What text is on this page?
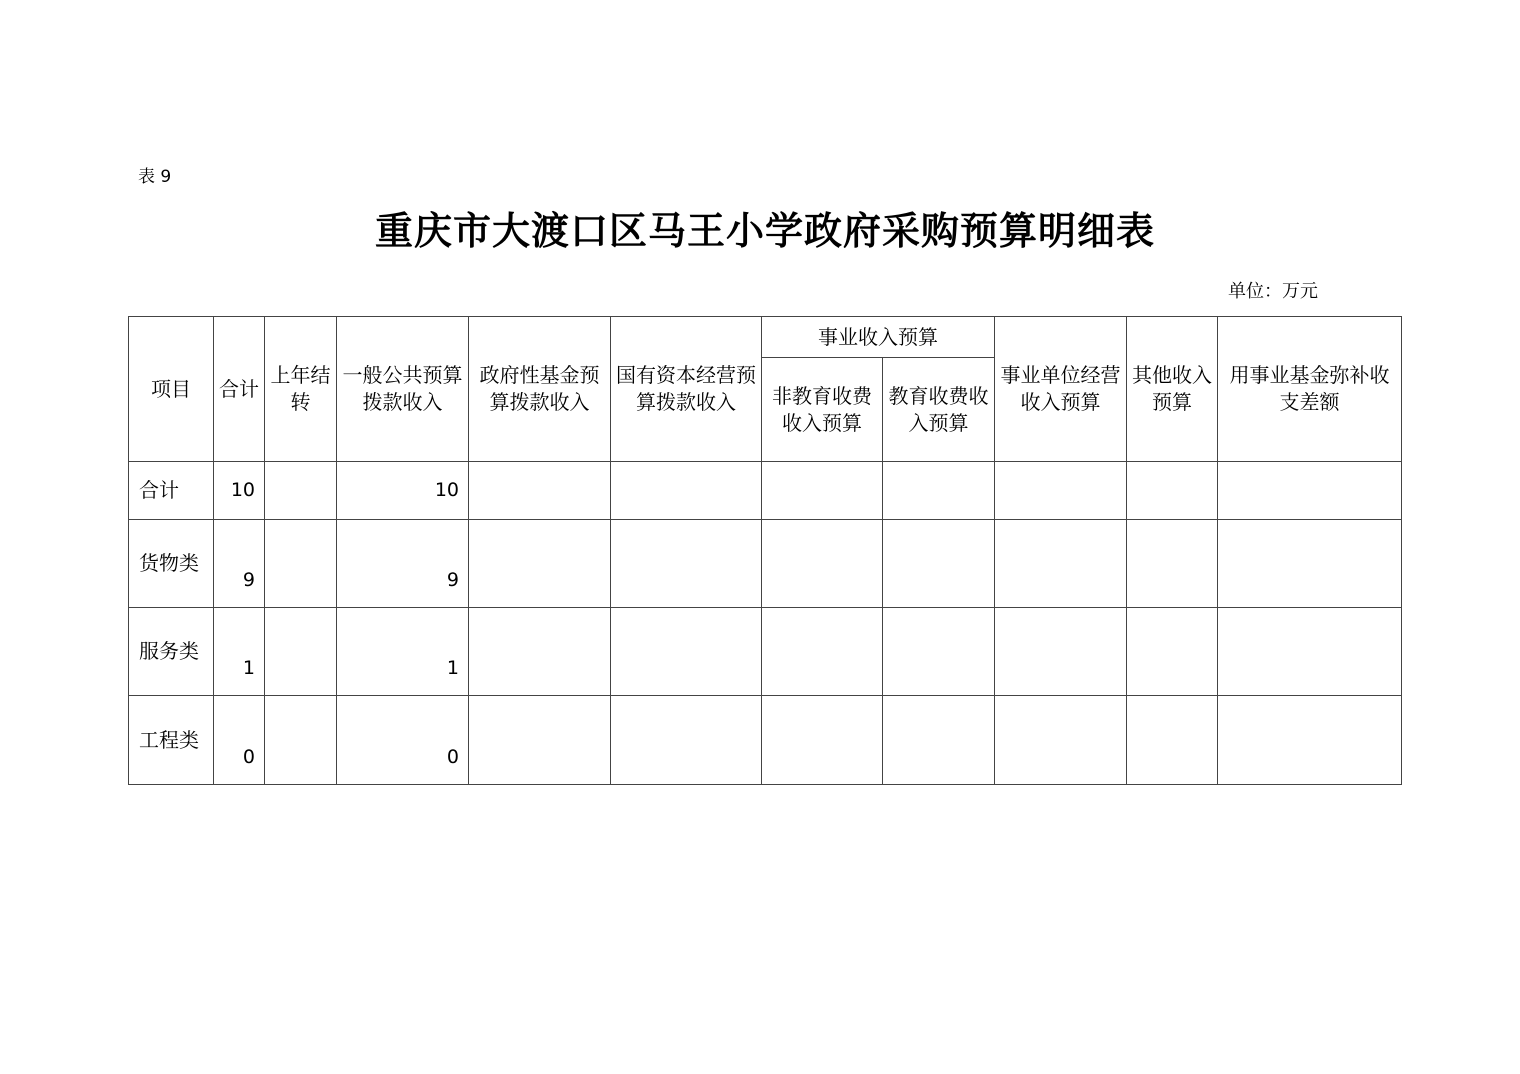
表 9
重庆市大渡口区马王小学政府采购预算明细表
单位：万元
项目	合计	上年结转	一般公共预算拨款收入	政府性基金预算拨款收入	国有资本经营预算拨款收入	事业收入预算		事业单位经营收入预算	其他收入预算	用事业基金弥补收支差额
						非教育收费收入预算	教育收费收入预算			
合计	10		10							
货物类	9		9							
服务类	1		1							
工程类	0		0							
